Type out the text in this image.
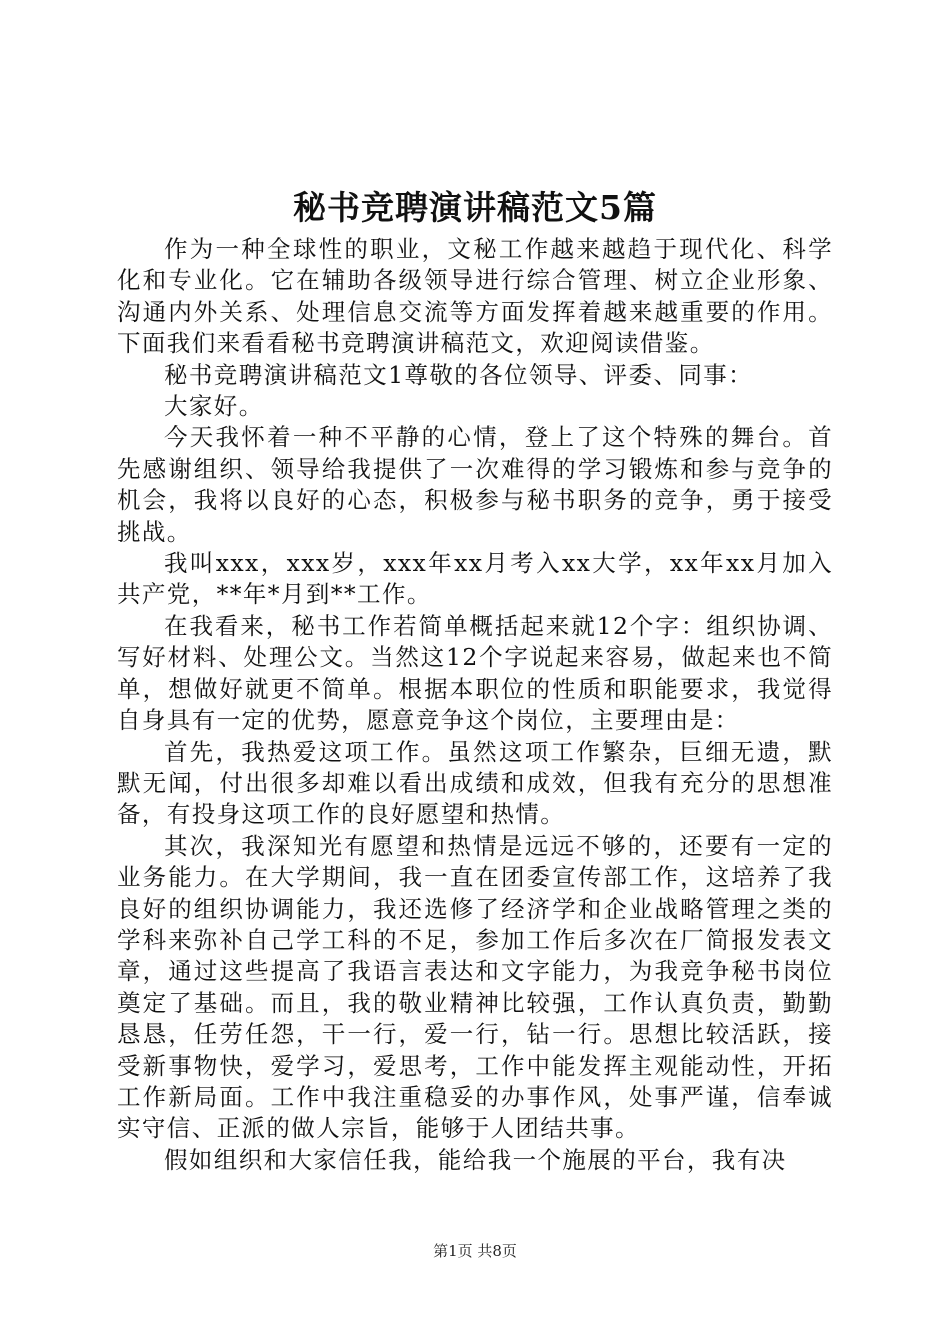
秘书竞聘演讲稿范文5篇

作为一种全球性的职业，文秘工作越来越趋于现代化、科学化和专业化。它在辅助各级领导进行综合管理、树立企业形象、沟通内外关系、处理信息交流等方面发挥着越来越重要的作用。下面我们来看看秘书竞聘演讲稿范文，欢迎阅读借鉴。

秘书竞聘演讲稿范文1尊敬的各位领导、评委、同事：

大家好。

今天我怀着一种不平静的心情，登上了这个特殊的舞台。首先感谢组织、领导给我提供了一次难得的学习锻炼和参与竞争的机会，我将以良好的心态，积极参与秘书职务的竞争，勇于接受挑战。

我叫xxx，xxx岁，xxx年xx月考入xx大学，xx年xx月加入共产党，**年*月到**工作。

在我看来，秘书工作若简单概括起来就12个字：组织协调、写好材料、处理公文。当然这12个字说起来容易，做起来也不简单，想做好就更不简单。根据本职位的性质和职能要求，我觉得自身具有一定的优势，愿意竞争这个岗位，主要理由是：

首先，我热爱这项工作。虽然这项工作繁杂，巨细无遗，默默无闻，付出很多却难以看出成绩和成效，但我有充分的思想准备，有投身这项工作的良好愿望和热情。

其次，我深知光有愿望和热情是远远不够的，还要有一定的业务能力。在大学期间，我一直在团委宣传部工作，这培养了我良好的组织协调能力，我还选修了经济学和企业战略管理之类的学科来弥补自己学工科的不足，参加工作后多次在厂简报发表文章，通过这些提高了我语言表达和文字能力，为我竞争秘书岗位奠定了基础。而且，我的敬业精神比较强，工作认真负责，勤勤恳恳，任劳任怨，干一行，爱一行，钻一行。思想比较活跃，接受新事物快，爱学习，爱思考，工作中能发挥主观能动性，开拓工作新局面。工作中我注重稳妥的办事作风，处事严谨，信奉诚实守信、正派的做人宗旨，能够于人团结共事。

假如组织和大家信任我，能给我一个施展的平台，我有决

第1页 共8页
